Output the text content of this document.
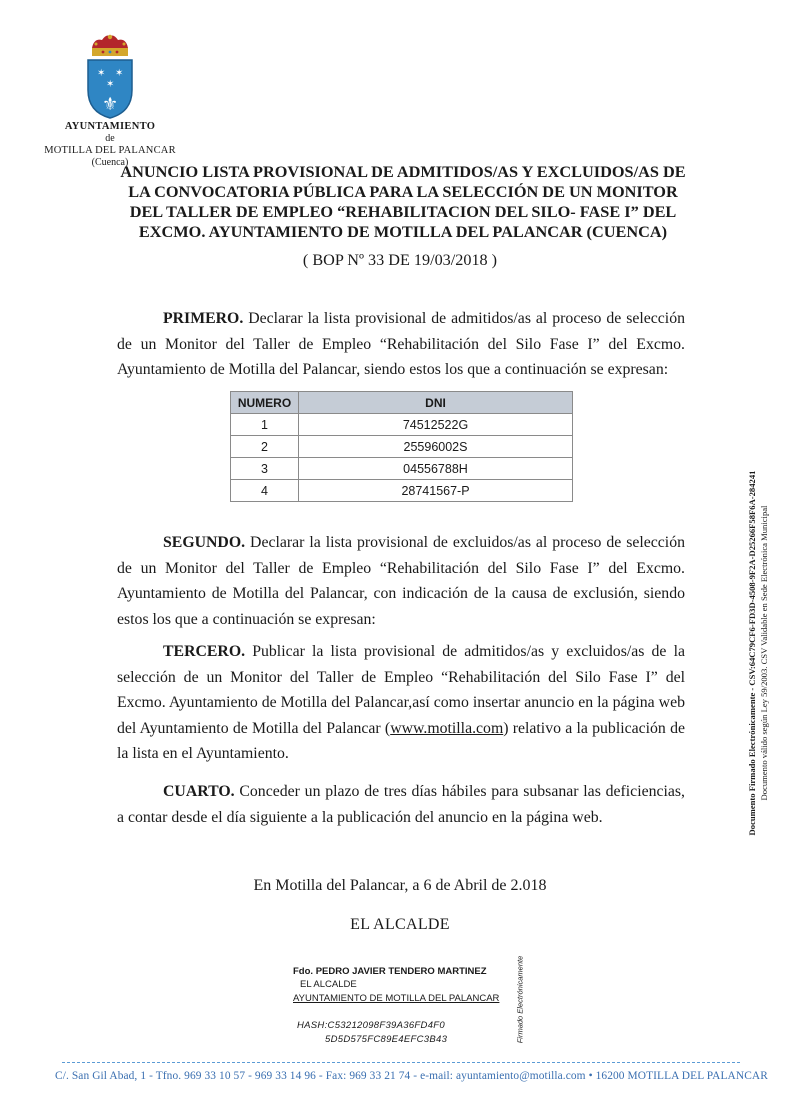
✶ ✶
✶
⚜
AYUNTAMIENTO
de
MOTILLA DEL PALANCAR
(Cuenca)
ANUNCIO LISTA PROVISIONAL DE ADMITIDOS/AS Y EXCLUIDOS/AS DE
LA CONVOCATORIA PÚBLICA PARA LA SELECCIÓN DE UN MONITOR
DEL TALLER DE EMPLEO “REHABILITACION DEL SILO- FASE I” DEL
EXCMO. AYUNTAMIENTO DE MOTILLA DEL PALANCAR (CUENCA)
( BOP Nº 33 DE 19/03/2018 )
PRIMERO. Declarar la lista provisional de admitidos/as al proceso de selección de un Monitor del Taller de Empleo “Rehabilitación del Silo Fase I” del Excmo. Ayuntamiento de Motilla del Palancar, siendo estos los que a continuación se expresan:
NUMERO	DNI
1	74512522G
2	25596002S
3	04556788H
4	28741567-P
SEGUNDO. Declarar la lista provisional de excluidos/as al proceso de selección de un Monitor del Taller de Empleo “Rehabilitación del Silo Fase I” del Excmo. Ayuntamiento de Motilla del Palancar, con indicación de la causa de exclusión, siendo estos los que a continuación se expresan:
TERCERO. Publicar la lista provisional de admitidos/as y excluidos/as de la selección de un Monitor del Taller de Empleo “Rehabilitación del Silo Fase I” del Excmo. Ayuntamiento de Motilla del Palancar,así como insertar anuncio en la página web del Ayuntamiento de Motilla del Palancar (www.motilla.com) relativo a la publicación de la lista en el Ayuntamiento.
CUARTO. Conceder un plazo de tres días hábiles para subsanar las deficiencias, a contar desde el día siguiente a la publicación del anuncio en la página web.
En Motilla del Palancar, a 6 de Abril de 2.018
EL ALCALDE
Fdo. PEDRO JAVIER TENDERO MARTINEZ
EL ALCALDE
AYUNTAMIENTO DE MOTILLA DEL PALANCAR
HASH:C53212098F39A36FD4F0
5D5D575FC89E4EFC3B43	Firmado Electrónicamente
Documento Firmado Electrónicamente - CSV:64C79CF6-FD3D-4508-9F2A-D25266F58F6A-284241 Documento válido según Ley 59/2003. CSV Validable en Sede Electrónica Municipal
C/. San Gil Abad, 1 - Tfno. 969 33 10 57 - 969 33 14 96 - Fax: 969 33 21 74 - e-mail: ayuntamiento@motilla.com • 16200 MOTILLA DEL PALANCAR
